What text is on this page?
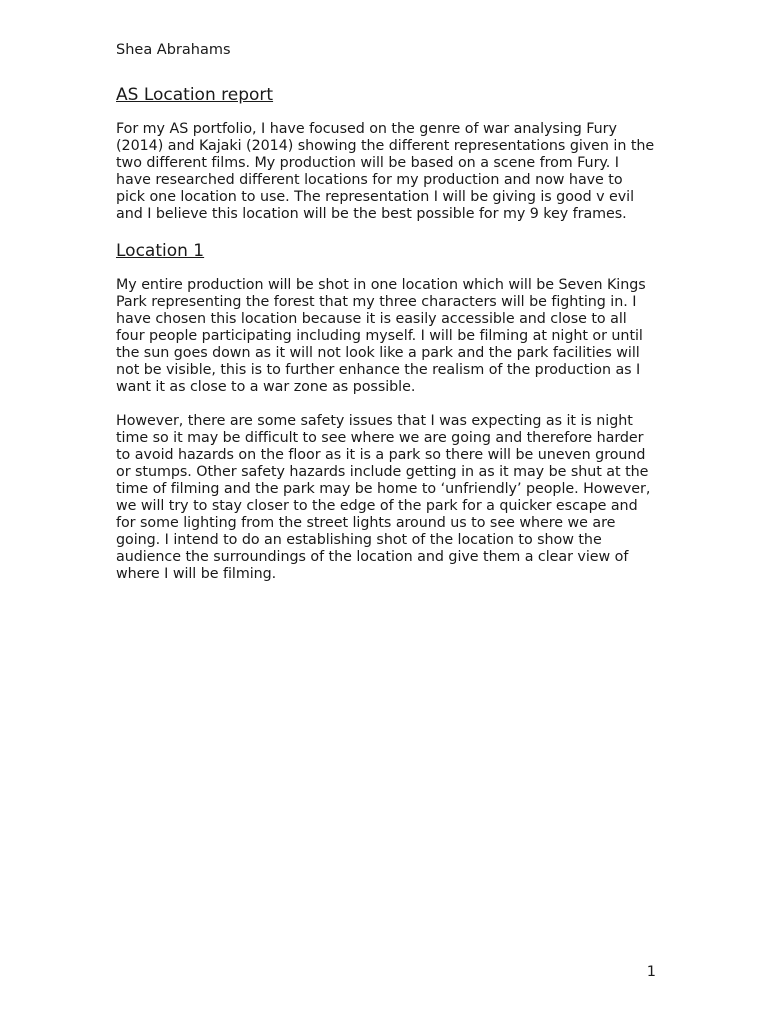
Shea Abrahams
AS Location report

For my AS portfolio, I have focused on the genre of war analysing Fury (2014) and Kajaki (2014) showing the different representations given in the two different films. My production will be based on a scene from Fury. I have researched different locations for my production and now have to pick one location to use. The representation I will be giving is good v evil and I believe this location will be the best possible for my 9 key frames.

Location 1

My entire production will be shot in one location which will be Seven Kings Park representing the forest that my three characters will be fighting in. I have chosen this location because it is easily accessible and close to all four people participating including myself. I will be filming at night or until the sun goes down as it will not look like a park and the park facilities will not be visible, this is to further enhance the realism of the production as I want it as close to a war zone as possible.

However, there are some safety issues that I was expecting as it is night time so it may be difficult to see where we are going and therefore harder to avoid hazards on the floor as it is a park so there will be uneven ground or stumps. Other safety hazards include getting in as it may be shut at the time of filming and the park may be home to ‘unfriendly’ people. However, we will try to stay closer to the edge of the park for a quicker escape and for some lighting from the street lights around us to see where we are going. I intend to do an establishing shot of the location to show the audience the surroundings of the location and give them a clear view of where I will be filming.

1
